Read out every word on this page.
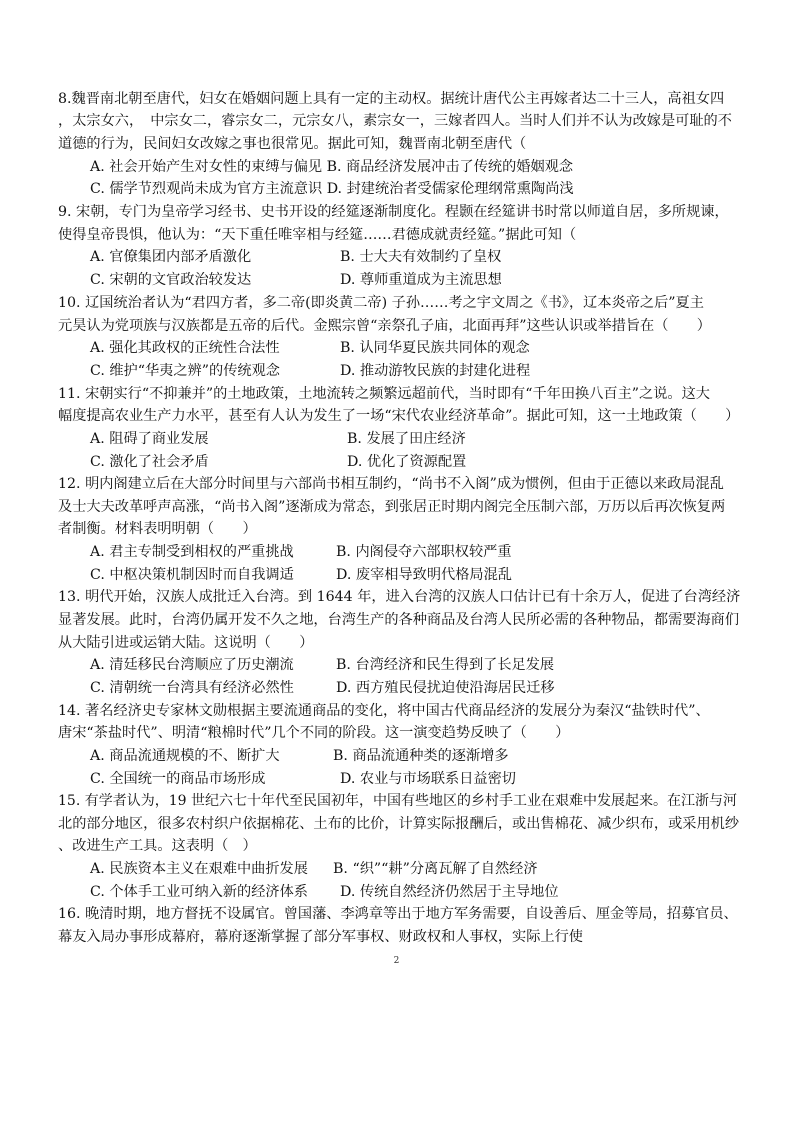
8.魏晋南北朝至唐代，妇女在婚姻问题上具有一定的主动权。据统计唐代公主再嫁者达二十三人，高祖女四
，太宗女六，　中宗女二，睿宗女二，元宗女八，素宗女一，三嫁者四人。当时人们并不认为改嫁是可耻的不
道德的行为，民间妇女改嫁之事也很常见。据此可知，魏晋南北朝至唐代（
A. 社会开始产生对女性的束缚与偏见 B. 商品经济发展冲击了传统的婚姻观念
C. 儒学节烈观尚未成为官方主流意识 D. 封建统治者受儒家伦理纲常熏陶尚浅
9. 宋朝，专门为皇帝学习经书、史书开设的经筵逐渐制度化。程颢在经筵讲书时常以师道自居，多所规谏，
使得皇帝畏惧，他认为：“天下重任唯宰相与经筵……君德成就责经筵。”据此可知（
A. 官僚集团内部矛盾激化	B. 士大夫有效制约了皇权
C. 宋朝的文官政治较发达	D. 尊师重道成为主流思想
10. 辽国统治者认为“君四方者，多二帝(即炎黄二帝) 子孙……考之宇文周之《书》，辽本炎帝之后”夏主
元昊认为党项族与汉族都是五帝的后代。金熙宗曾“亲祭孔子庙，北面再拜”这些认识或举措旨在（　　）
A. 强化其政权的正统性合法性	B. 认同华夏民族共同体的观念
C. 维护“华夷之辨”的传统观念	D. 推动游牧民族的封建化进程
11. 宋朝实行“不抑兼并”的土地政策，土地流转之频繁远超前代，当时即有“千年田换八百主”之说。这大
幅度提高农业生产力水平，甚至有人认为发生了一场“宋代农业经济革命”。据此可知，这一土地政策（　　）
A. 阻碍了商业发展	B. 发展了田庄经济
C. 激化了社会矛盾	D. 优化了资源配置
12. 明内阁建立后在大部分时间里与六部尚书相互制约，“尚书不入阁”成为惯例，但由于正德以来政局混乱
及士大夫改革呼声高涨，“尚书入阁”逐渐成为常态，到张居正时期内阁完全压制六部，万历以后再次恢复两
者制衡。材料表明明朝（　　）
A. 君主专制受到相权的严重挑战	B. 内阁侵夺六部职权较严重
C. 中枢决策机制因时而自我调适	D. 废宰相导致明代格局混乱
13. 明代开始，汉族人成批迁入台湾。到 1644 年，进入台湾的汉族人口估计已有十余万人，促进了台湾经济
显著发展。此时，台湾仍属开发不久之地，台湾生产的各种商品及台湾人民所必需的各种物品，都需要海商们
从大陆引进或运销大陆。这说明（　　）
A. 清廷移民台湾顺应了历史潮流	B. 台湾经济和民生得到了长足发展
C. 清朝统一台湾具有经济必然性	D. 西方殖民侵扰迫使沿海居民迁移
14. 著名经济史专家林文勋根据主要流通商品的变化，将中国古代商品经济的发展分为秦汉“盐铁时代”、
唐宋“茶盐时代”、明清“粮棉时代”几个不同的阶段。这一演变趋势反映了（　　）
A. 商品流通规模的不、断扩大	B. 商品流通种类的逐渐增多
C. 全国统一的商品市场形成	D. 农业与市场联系日益密切
15. 有学者认为，19 世纪六七十年代至民国初年，中国有些地区的乡村手工业在艰难中发展起来。在江浙与河
北的部分地区，很多农村织户依据棉花、土布的比价，计算实际报酬后，或出售棉花、减少织布，或采用机纱
、改进生产工具。这表明（　）
A. 民族资本主义在艰难中曲折发展 B. “织”“耕”分离瓦解了自然经济
C. 个体手工业可纳入新的经济体系 D. 传统自然经济仍然居于主导地位
16. 晚清时期，地方督抚不设属官。曾国藩、李鸿章等出于地方军务需要，自设善后、厘金等局，招募官员、
幕友入局办事形成幕府，幕府逐渐掌握了部分军事权、财政权和人事权，实际上行使
2
